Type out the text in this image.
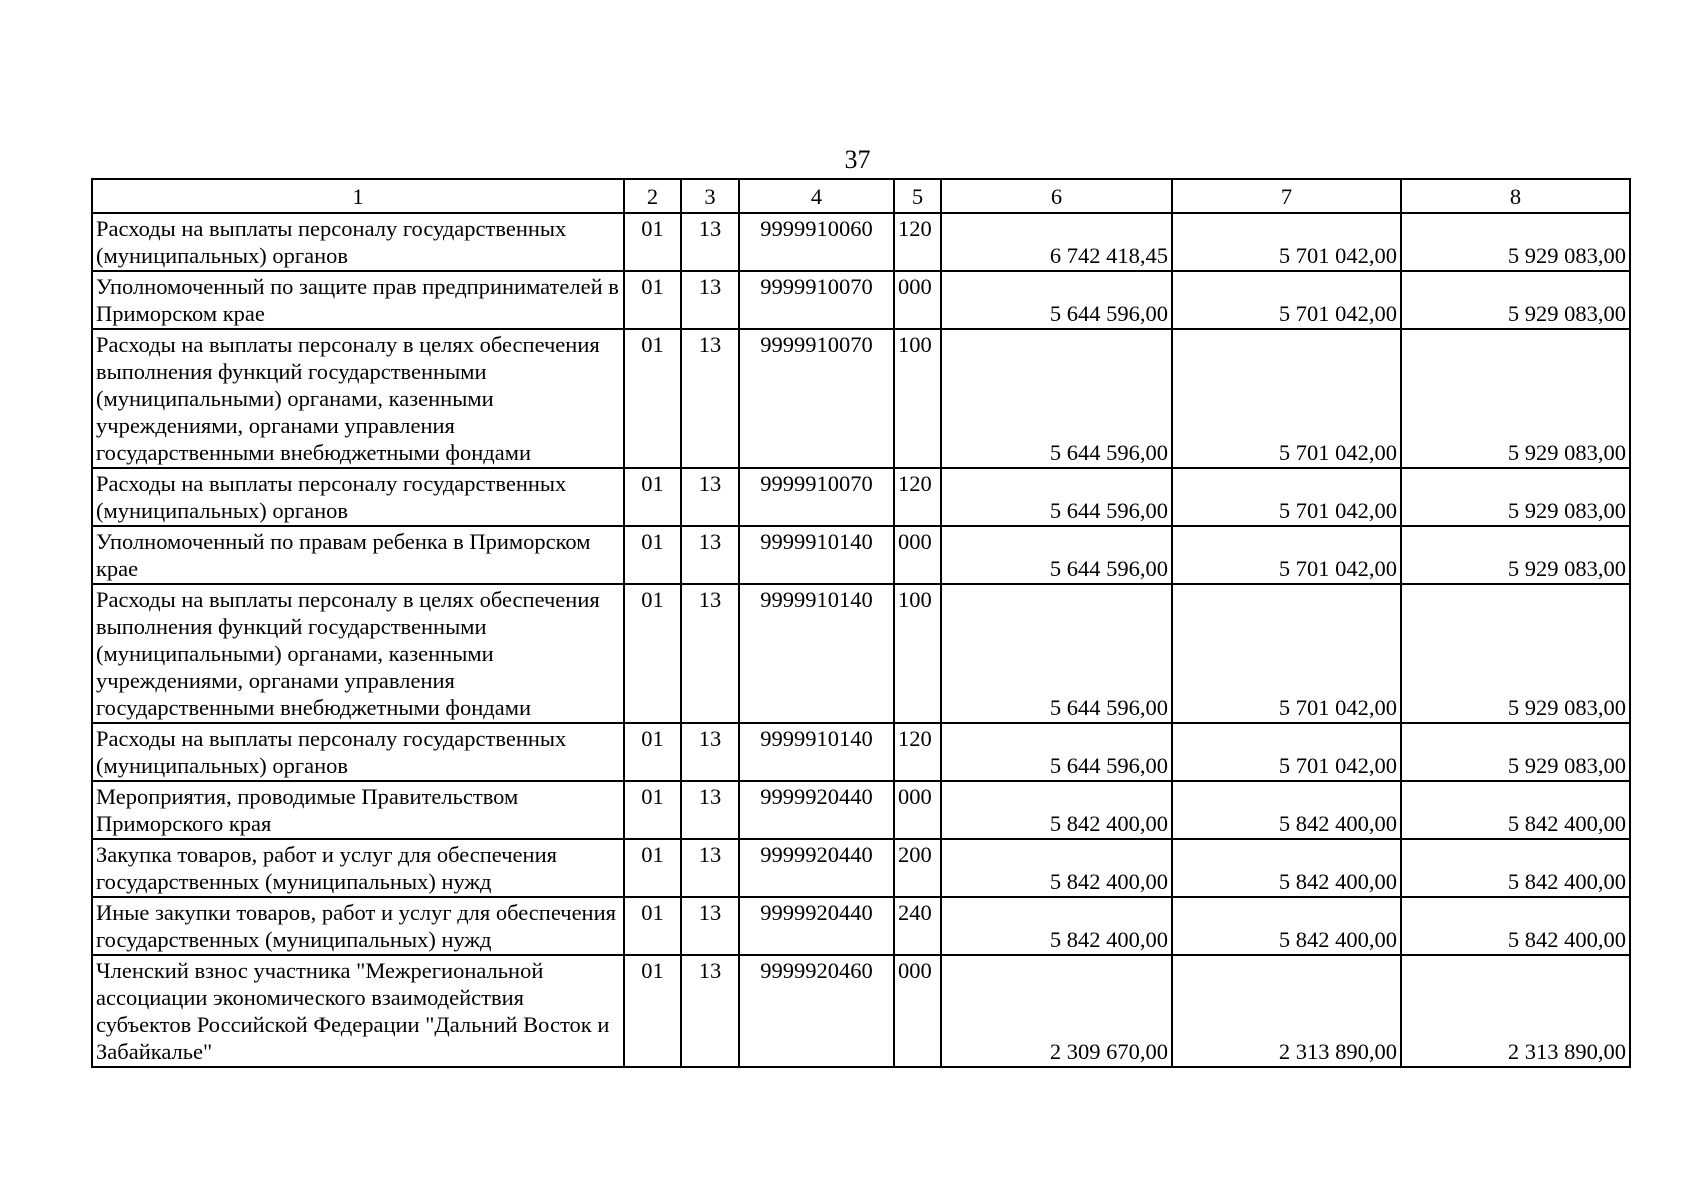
37
1	2	3	4	5	6	7	8
Расходы на выплаты персоналу государственных (муниципальных) органов	01	13	9999910060	120	6 742 418,45	5 701 042,00	5 929 083,00
Уполномоченный по защите прав предпринимателей в Приморском крае	01	13	9999910070	000	5 644 596,00	5 701 042,00	5 929 083,00
Расходы на выплаты персоналу в целях обеспечения выполнения функций государственными (муниципальными) органами, казенными учреждениями, органами управления государственными внебюджетными фондами	01	13	9999910070	100	5 644 596,00	5 701 042,00	5 929 083,00
Расходы на выплаты персоналу государственных (муниципальных) органов	01	13	9999910070	120	5 644 596,00	5 701 042,00	5 929 083,00
Уполномоченный по правам ребенка в Приморском крае	01	13	9999910140	000	5 644 596,00	5 701 042,00	5 929 083,00
Расходы на выплаты персоналу в целях обеспечения выполнения функций государственными (муниципальными) органами, казенными учреждениями, органами управления государственными внебюджетными фондами	01	13	9999910140	100	5 644 596,00	5 701 042,00	5 929 083,00
Расходы на выплаты персоналу государственных (муниципальных) органов	01	13	9999910140	120	5 644 596,00	5 701 042,00	5 929 083,00
Мероприятия, проводимые Правительством Приморского края	01	13	9999920440	000	5 842 400,00	5 842 400,00	5 842 400,00
Закупка товаров, работ и услуг для обеспечения государственных (муниципальных) нужд	01	13	9999920440	200	5 842 400,00	5 842 400,00	5 842 400,00
Иные закупки товаров, работ и услуг для обеспечения государственных (муниципальных) нужд	01	13	9999920440	240	5 842 400,00	5 842 400,00	5 842 400,00
Членский взнос участника "Межрегиональной ассоциации экономического взаимодействия субъектов Российской Федерации "Дальний Восток и Забайкалье"	01	13	9999920460	000	2 309 670,00	2 313 890,00	2 313 890,00
